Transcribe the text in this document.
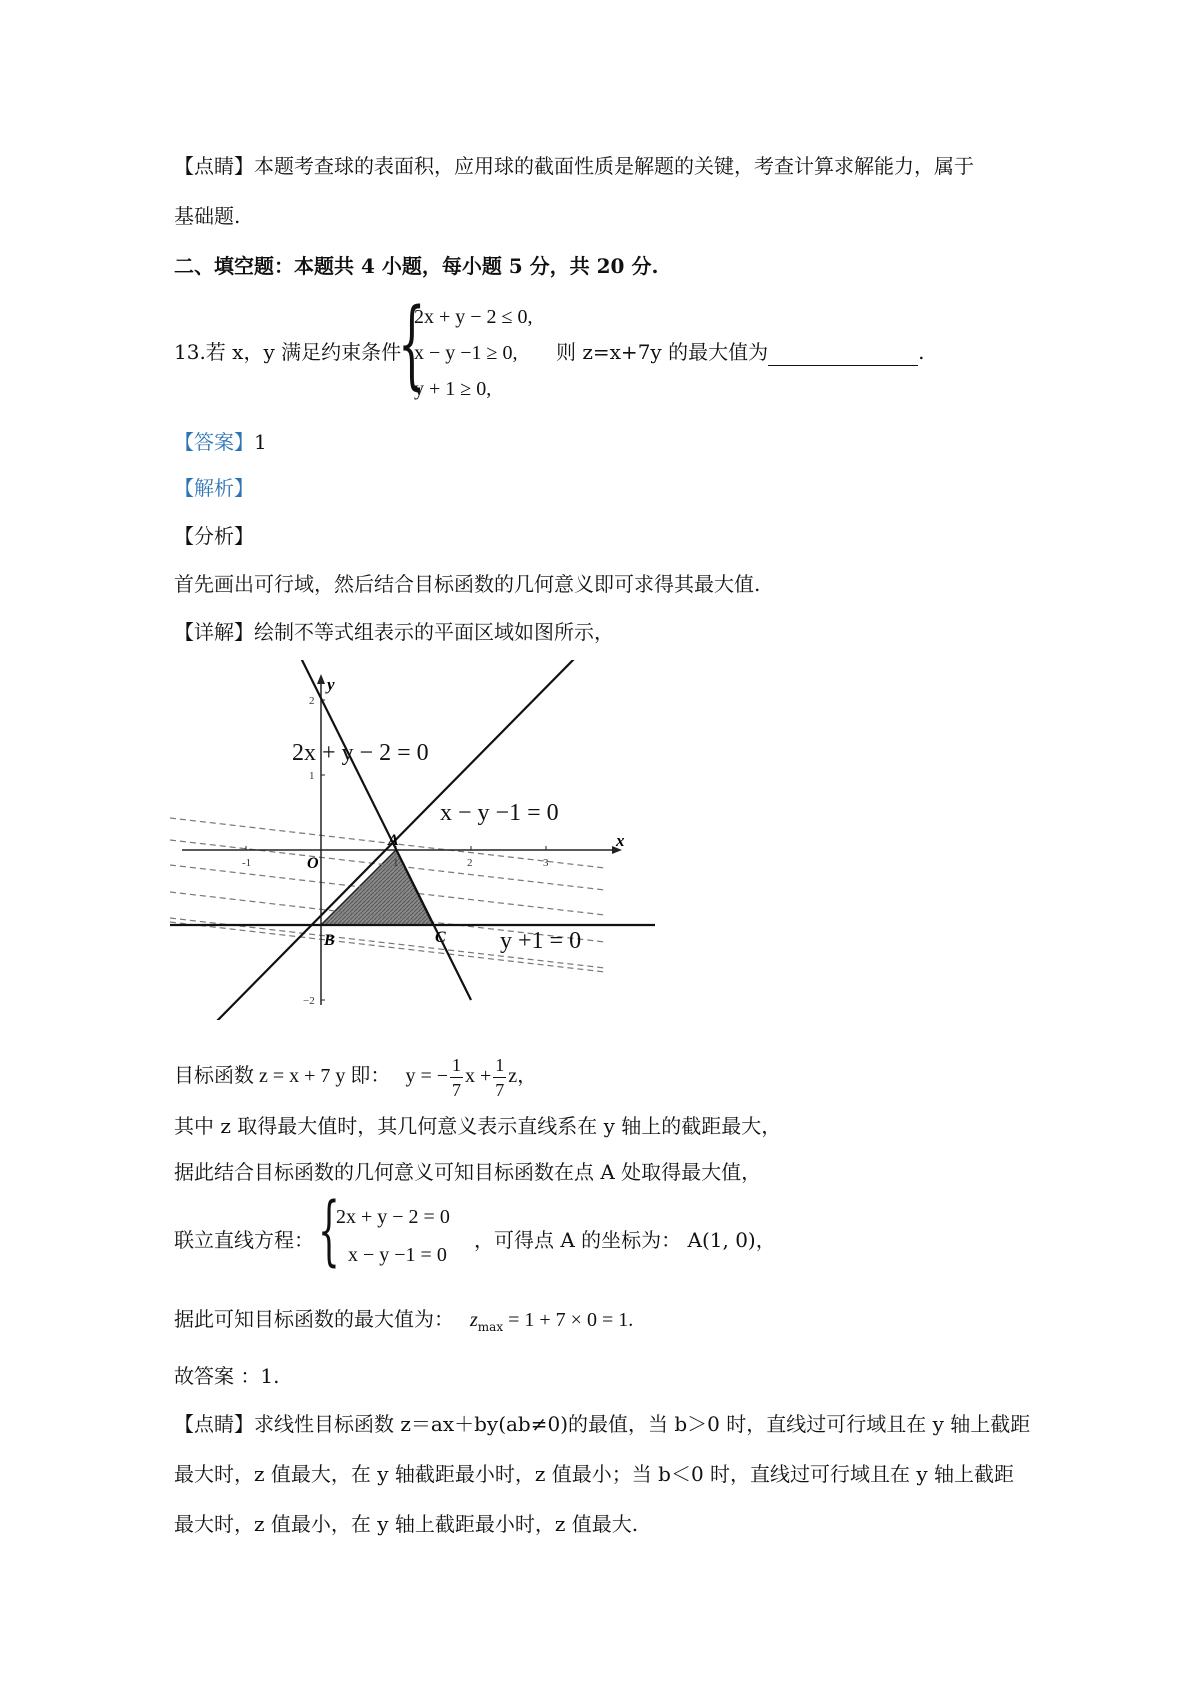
【点睛】本题考查球的表面积，应用球的截面性质是解题的关键，考查计算求解能力，属于
基础题.
二、填空题：本题共 4 小题，每小题 5 分，共 20 分.
13.若 x，y 满足约束条件
{
2x + y − 2 ≤ 0,
x − y −1 ≥ 0,
y + 1 ≥ 0,
则 z=x+7y 的最大值为	.
【答案】1
【解析】
【分析】
首先画出可行域，然后结合目标函数的几何意义即可求得其最大值.
【详解】绘制不等式组表示的平面区域如图所示，
-1	1	2	3
2
1
−2
x
y
O
A
B	C
2x + y − 2 = 0
x − y −1 = 0
y +1 = 0
目标函数 z = x + 7 y 即： y = − $\frac{1}{7}$ $x + \frac{1}{7}$ z，
其中 z 取得最大值时，其几何意义表示直线系在 y 轴上的截距最大，
据此结合目标函数的几何意义可知目标函数在点 A 处取得最大值，
联立直线方程： {
2x + y − 2 = 0
x − y −1 = 0
，可得点 A 的坐标为： A(1, 0)，
据此可知目标函数的最大值为： $z_{max} = 1 + 7 \times 0 = 1$.
故答案 ：1.
【点睛】求线性目标函数 z＝ax＋by(ab≠0)的最值，当 b＞0 时，直线过可行域且在 y 轴上截距
最大时，z 值最大，在 y 轴截距最小时，z 值最小；当 b＜0 时，直线过可行域且在 y 轴上截距
最大时，z 值最小，在 y 轴上截距最小时，z 值最大.
